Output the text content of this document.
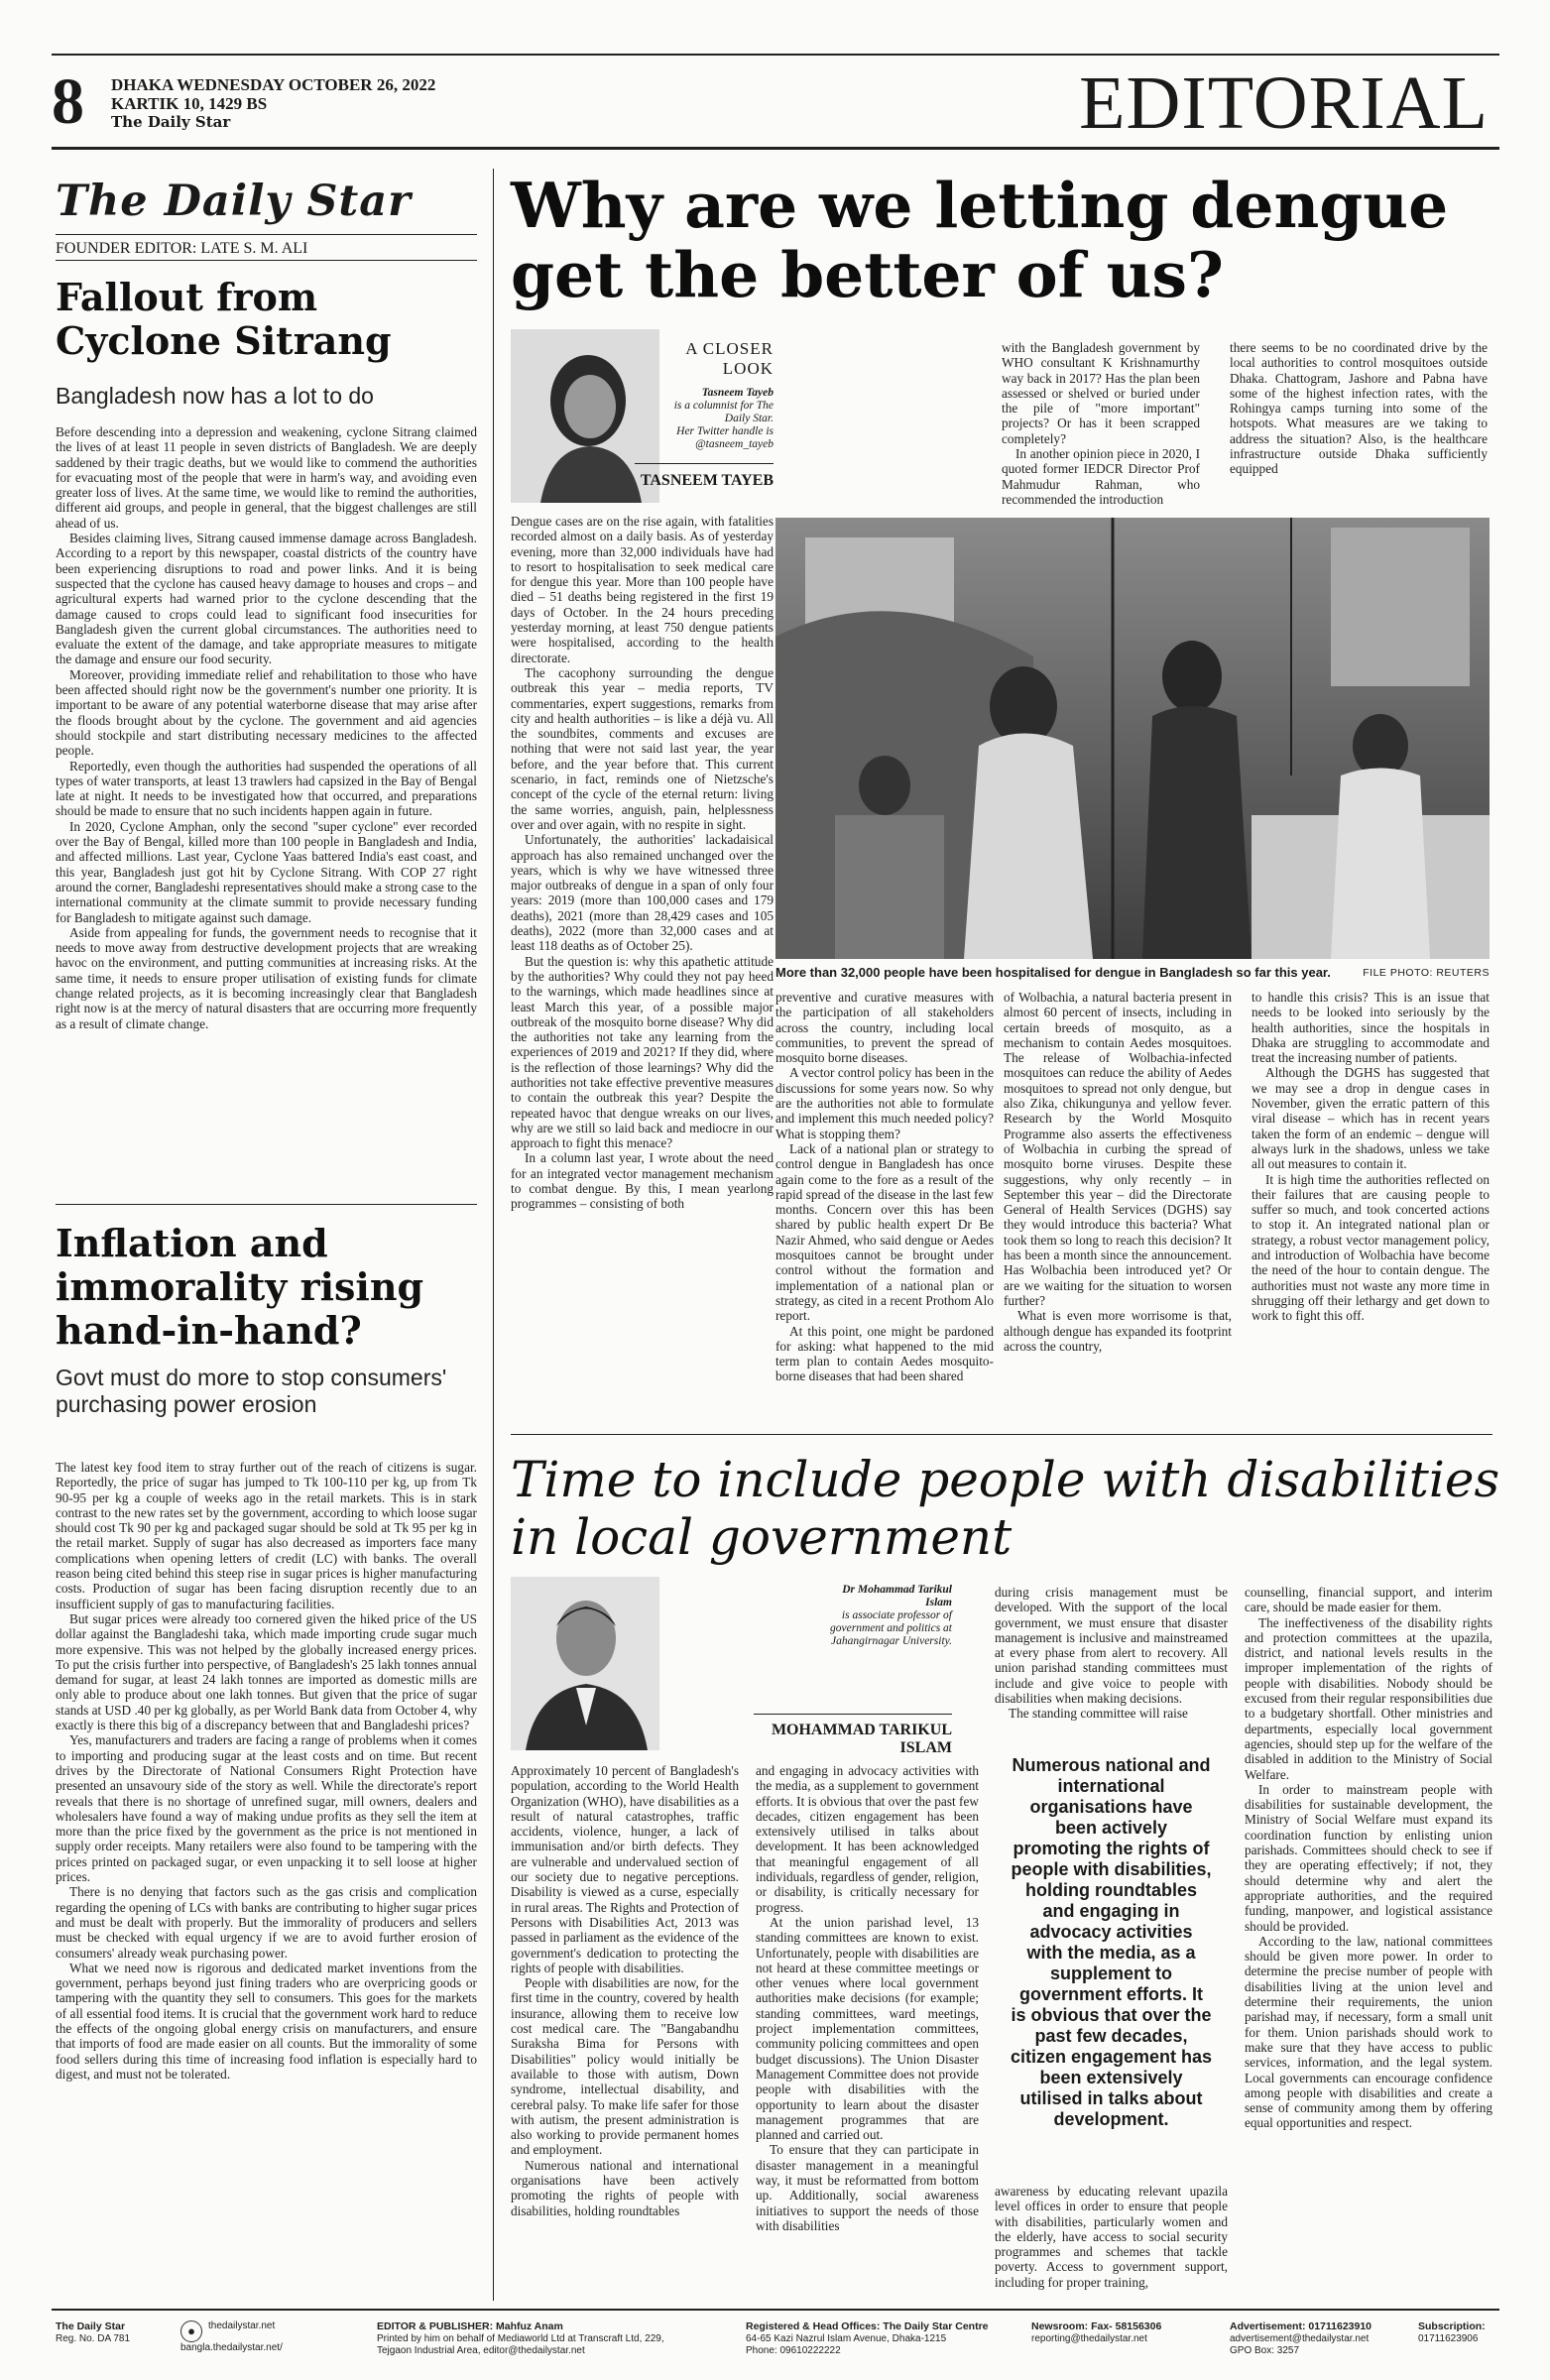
8 DHAKA WEDNESDAY OCTOBER 26, 2022
KARTIK 10, 1429 BS
The Daily Star	EDITORIAL
The Daily Star
FOUNDER EDITOR: LATE S. M. ALI
Fallout from Cyclone Sitrang
Bangladesh now has a lot to do

Before descending into a depression and weakening, cyclone Sitrang claimed the lives of at least 11 people in seven districts of Bangladesh. We are deeply saddened by their tragic deaths, but we would like to commend the authorities for evacuating most of the people that were in harm's way, and avoiding even greater loss of lives. At the same time, we would like to remind the authorities, different aid groups, and people in general, that the biggest challenges are still ahead of us.

Besides claiming lives, Sitrang caused immense damage across Bangladesh. According to a report by this newspaper, coastal districts of the country have been experiencing disruptions to road and power links. And it is being suspected that the cyclone has caused heavy damage to houses and crops – and agricultural experts had warned prior to the cyclone descending that the damage caused to crops could lead to significant food insecurities for Bangladesh given the current global circumstances. The authorities need to evaluate the extent of the damage, and take appropriate measures to mitigate the damage and ensure our food security.

Moreover, providing immediate relief and rehabilitation to those who have been affected should right now be the government's number one priority. It is important to be aware of any potential waterborne disease that may arise after the floods brought about by the cyclone. The government and aid agencies should stockpile and start distributing necessary medicines to the affected people.

Reportedly, even though the authorities had suspended the operations of all types of water transports, at least 13 trawlers had capsized in the Bay of Bengal late at night. It needs to be investigated how that occurred, and preparations should be made to ensure that no such incidents happen again in future.

In 2020, Cyclone Amphan, only the second "super cyclone" ever recorded over the Bay of Bengal, killed more than 100 people in Bangladesh and India, and affected millions. Last year, Cyclone Yaas battered India's east coast, and this year, Bangladesh just got hit by Cyclone Sitrang. With COP 27 right around the corner, Bangladeshi representatives should make a strong case to the international community at the climate summit to provide necessary funding for Bangladesh to mitigate against such damage.

Aside from appealing for funds, the government needs to recognise that it needs to move away from destructive development projects that are wreaking havoc on the environment, and putting communities at increasing risks. At the same time, it needs to ensure proper utilisation of existing funds for climate change related projects, as it is becoming increasingly clear that Bangladesh right now is at the mercy of natural disasters that are occurring more frequently as a result of climate change.

Inflation and immorality rising hand-in-hand?
Govt must do more to stop consumers' purchasing power erosion

The latest key food item to stray further out of the reach of citizens is sugar. Reportedly, the price of sugar has jumped to Tk 100-110 per kg, up from Tk 90-95 per kg a couple of weeks ago in the retail markets. This is in stark contrast to the new rates set by the government, according to which loose sugar should cost Tk 90 per kg and packaged sugar should be sold at Tk 95 per kg in the retail market. Supply of sugar has also decreased as importers face many complications when opening letters of credit (LC) with banks. The overall reason being cited behind this steep rise in sugar prices is higher manufacturing costs. Production of sugar has been facing disruption recently due to an insufficient supply of gas to manufacturing facilities.

But sugar prices were already too cornered given the hiked price of the US dollar against the Bangladeshi taka, which made importing crude sugar much more expensive. This was not helped by the globally increased energy prices. To put the crisis further into perspective, of Bangladesh's 25 lakh tonnes annual demand for sugar, at least 24 lakh tonnes are imported as domestic mills are only able to produce about one lakh tonnes. But given that the price of sugar stands at USD .40 per kg globally, as per World Bank data from October 4, why exactly is there this big of a discrepancy between that and Bangladeshi prices?

Yes, manufacturers and traders are facing a range of problems when it comes to importing and producing sugar at the least costs and on time. But recent drives by the Directorate of National Consumers Right Protection have presented an unsavoury side of the story as well. While the directorate's report reveals that there is no shortage of unrefined sugar, mill owners, dealers and wholesalers have found a way of making undue profits as they sell the item at more than the price fixed by the government as the price is not mentioned in supply order receipts. Many retailers were also found to be tampering with the prices printed on packaged sugar, or even unpacking it to sell loose at higher prices.

There is no denying that factors such as the gas crisis and complication regarding the opening of LCs with banks are contributing to higher sugar prices and must be dealt with properly. But the immorality of producers and sellers must be checked with equal urgency if we are to avoid further erosion of consumers' already weak purchasing power.

What we need now is rigorous and dedicated market inventions from the government, perhaps beyond just fining traders who are overpricing goods or tampering with the quantity they sell to consumers. This goes for the markets of all essential food items. It is crucial that the government work hard to reduce the effects of the ongoing global energy crisis on manufacturers, and ensure that imports of food are made easier on all counts. But the immorality of some food sellers during this time of increasing food inflation is especially hard to digest, and must not be tolerated.

Why are we letting dengue get the better of us?
A CLOSER LOOK
Tasneem Tayeb
is a columnist for The Daily Star.
Her Twitter handle is
@tasneem_tayeb
TASNEEM TAYEB

with the Bangladesh government by WHO consultant K Krishnamurthy way back in 2017? Has the plan been assessed or shelved or buried under the pile of "more important" projects? Or has it been scrapped completely?

In another opinion piece in 2020, I quoted former IEDCR Director Prof Mahmudur Rahman, who recommended the introduction

there seems to be no coordinated drive by the local authorities to control mosquitoes outside Dhaka. Chattogram, Jashore and Pabna have some of the highest infection rates, with the Rohingya camps turning into some of the hotspots. What measures are we taking to address the situation? Also, is the healthcare infrastructure outside Dhaka sufficiently equipped

Dengue cases are on the rise again, with fatalities recorded almost on a daily basis. As of yesterday evening, more than 32,000 individuals have had to resort to hospitalisation to seek medical care for dengue this year. More than 100 people have died – 51 deaths being registered in the first 19 days of October. In the 24 hours preceding yesterday morning, at least 750 dengue patients were hospitalised, according to the health directorate.

The cacophony surrounding the dengue outbreak this year – media reports, TV commentaries, expert suggestions, remarks from city and health authorities – is like a déjà vu. All the soundbites, comments and excuses are nothing that were not said last year, the year before, and the year before that. This current scenario, in fact, reminds one of Nietzsche's concept of the cycle of the eternal return: living the same worries, anguish, pain, helplessness over and over again, with no respite in sight.

Unfortunately, the authorities' lackadaisical approach has also remained unchanged over the years, which is why we have witnessed three major outbreaks of dengue in a span of only four years: 2019 (more than 100,000 cases and 179 deaths), 2021 (more than 28,429 cases and 105 deaths), 2022 (more than 32,000 cases and at least 118 deaths as of October 25).

But the question is: why this apathetic attitude by the authorities? Why could they not pay heed to the warnings, which made headlines since at least March this year, of a possible major outbreak of the mosquito borne disease? Why did the authorities not take any learning from the experiences of 2019 and 2021? If they did, where is the reflection of those learnings? Why did the authorities not take effective preventive measures to contain the outbreak this year? Despite the repeated havoc that dengue wreaks on our lives, why are we still so laid back and mediocre in our approach to fight this menace?

In a column last year, I wrote about the need for an integrated vector management mechanism to combat dengue. By this, I mean yearlong programmes – consisting of both

More than 32,000 people have been hospitalised for dengue in Bangladesh so far this year.	FILE PHOTO: REUTERS

preventive and curative measures with the participation of all stakeholders across the country, including local communities, to prevent the spread of mosquito borne diseases.

A vector control policy has been in the discussions for some years now. So why are the authorities not able to formulate and implement this much needed policy? What is stopping them?

Lack of a national plan or strategy to control dengue in Bangladesh has once again come to the fore as a result of the rapid spread of the disease in the last few months. Concern over this has been shared by public health expert Dr Be Nazir Ahmed, who said dengue or Aedes mosquitoes cannot be brought under control without the formation and implementation of a national plan or strategy, as cited in a recent Prothom Alo report.

At this point, one might be pardoned for asking: what happened to the mid term plan to contain Aedes mosquito-borne diseases that had been shared

of Wolbachia, a natural bacteria present in almost 60 percent of insects, including in certain breeds of mosquito, as a mechanism to contain Aedes mosquitoes. The release of Wolbachia-infected mosquitoes can reduce the ability of Aedes mosquitoes to spread not only dengue, but also Zika, chikungunya and yellow fever. Research by the World Mosquito Programme also asserts the effectiveness of Wolbachia in curbing the spread of mosquito borne viruses. Despite these suggestions, why only recently – in September this year – did the Directorate General of Health Services (DGHS) say they would introduce this bacteria? What took them so long to reach this decision? It has been a month since the announcement. Has Wolbachia been introduced yet? Or are we waiting for the situation to worsen further?

What is even more worrisome is that, although dengue has expanded its footprint across the country,

to handle this crisis? This is an issue that needs to be looked into seriously by the health authorities, since the hospitals in Dhaka are struggling to accommodate and treat the increasing number of patients.

Although the DGHS has suggested that we may see a drop in dengue cases in November, given the erratic pattern of this viral disease – which has in recent years taken the form of an endemic – dengue will always lurk in the shadows, unless we take all out measures to contain it.

It is high time the authorities reflected on their failures that are causing people to suffer so much, and took concerted actions to stop it. An integrated national plan or strategy, a robust vector management policy, and introduction of Wolbachia have become the need of the hour to contain dengue. The authorities must not waste any more time in shrugging off their lethargy and get down to work to fight this off.

Time to include people with disabilities in local government
Dr Mohammad Tarikul Islam
is associate professor of
government and politics at
Jahangirnagar University.
MOHAMMAD TARIKUL ISLAM

Approximately 10 percent of Bangladesh's population, according to the World Health Organization (WHO), have disabilities as a result of natural catastrophes, traffic accidents, violence, hunger, a lack of immunisation and/or birth defects. They are vulnerable and undervalued section of our society due to negative perceptions. Disability is viewed as a curse, especially in rural areas. The Rights and Protection of Persons with Disabilities Act, 2013 was passed in parliament as the evidence of the government's dedication to protecting the rights of people with disabilities.

People with disabilities are now, for the first time in the country, covered by health insurance, allowing them to receive low cost medical care. The "Bangabandhu Suraksha Bima for Persons with Disabilities" policy would initially be available to those with autism, Down syndrome, intellectual disability, and cerebral palsy. To make life safer for those with autism, the present administration is also working to provide permanent homes and employment.

Numerous national and international organisations have been actively promoting the rights of people with disabilities, holding roundtables

and engaging in advocacy activities with the media, as a supplement to government efforts. It is obvious that over the past few decades, citizen engagement has been extensively utilised in talks about development. It has been acknowledged that meaningful engagement of all individuals, regardless of gender, religion, or disability, is critically necessary for progress.

At the union parishad level, 13 standing committees are known to exist. Unfortunately, people with disabilities are not heard at these committee meetings or other venues where local government authorities make decisions (for example; standing committees, ward meetings, project implementation committees, community policing committees and open budget discussions). The Union Disaster Management Committee does not provide people with disabilities with the opportunity to learn about the disaster management programmes that are planned and carried out.

To ensure that they can participate in disaster management in a meaningful way, it must be reformatted from bottom up. Additionally, social awareness initiatives to support the needs of those with disabilities

during crisis management must be developed. With the support of the local government, we must ensure that disaster management is inclusive and mainstreamed at every phase from alert to recovery. All union parishad standing committees must include and give voice to people with disabilities when making decisions.

The standing committee will raise

Numerous national and international organisations have been actively promoting the rights of people with disabilities, holding roundtables and engaging in advocacy activities with the media, as a supplement to government efforts. It is obvious that over the past few decades, citizen engagement has been extensively utilised in talks about development.

awareness by educating relevant upazila level offices in order to ensure that people with disabilities, particularly women and the elderly, have access to social security programmes and schemes that tackle poverty. Access to government support, including for proper training,

counselling, financial support, and interim care, should be made easier for them.

The ineffectiveness of the disability rights and protection committees at the upazila, district, and national levels results in the improper implementation of the rights of people with disabilities. Nobody should be excused from their regular responsibilities due to a budgetary shortfall. Other ministries and departments, especially local government agencies, should step up for the welfare of the disabled in addition to the Ministry of Social Welfare.

In order to mainstream people with disabilities for sustainable development, the Ministry of Social Welfare must expand its coordination function by enlisting union parishads. Committees should check to see if they are operating effectively; if not, they should determine why and alert the appropriate authorities, and the required funding, manpower, and logistical assistance should be provided.

According to the law, national committees should be given more power. In order to determine the precise number of people with disabilities living at the union level and determine their requirements, the union parishad may, if necessary, form a small unit for them. Union parishads should work to make sure that they have access to public services, information, and the legal system. Local governments can encourage confidence among people with disabilities and create a sense of community among them by offering equal opportunities and respect.

The Daily Star
Reg. No. DA 781
●	thedailystar.net
bangla.thedailystar.net/
EDITOR & PUBLISHER: Mahfuz Anam
Printed by him on behalf of Mediaworld Ltd at Transcraft Ltd, 229,
Tejgaon Industrial Area, editor@thedailystar.net
Registered & Head Offices: The Daily Star Centre
64-65 Kazi Nazrul Islam Avenue, Dhaka-1215
Phone: 09610222222
Newsroom: Fax- 58156306
reporting@thedailystar.net
Advertisement: 01711623910
advertisement@thedailystar.net
GPO Box: 3257
Subscription:
01711623906
